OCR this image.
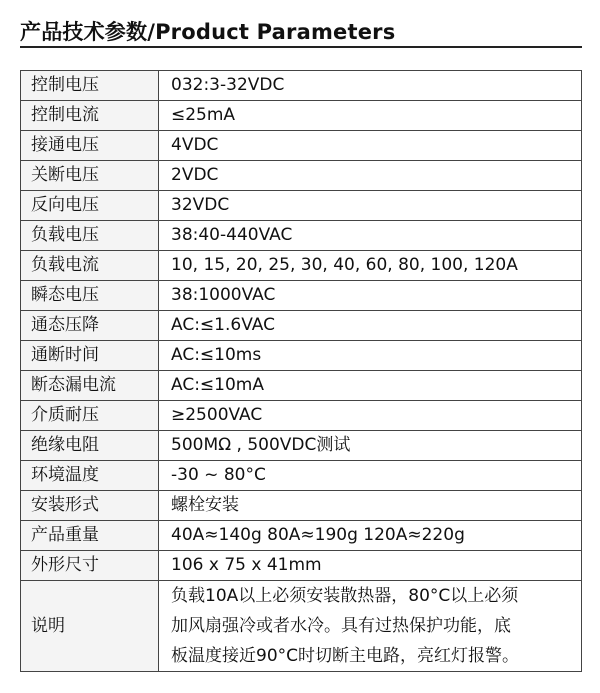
产品技术参数/Product Parameters
控制电压	032:3-32VDC
控制电流	≤25mA
接通电压	4VDC
关断电压	2VDC
反向电压	32VDC
负载电压	38:40-440VAC
负载电流	10, 15, 20, 25, 30, 40, 60, 80, 100, 120A
瞬态电压	38:1000VAC
通态压降	AC:≤1.6VAC
通断时间	AC:≤10ms
断态漏电流	AC:≤10mA
介质耐压	≥2500VAC
绝缘电阻	500MΩ , 500VDC测试
环境温度	-30 ~ 80°C
安装形式	螺栓安装
产品重量	40A≈140g 80A≈190g 120A≈220g
外形尺寸	106 x 75 x 41mm
说明	负载10A以上必须安装散热器，80°C以上必须
加风扇强冷或者水冷。具有过热保护功能，底
板温度接近90°C时切断主电路，亮红灯报警。
